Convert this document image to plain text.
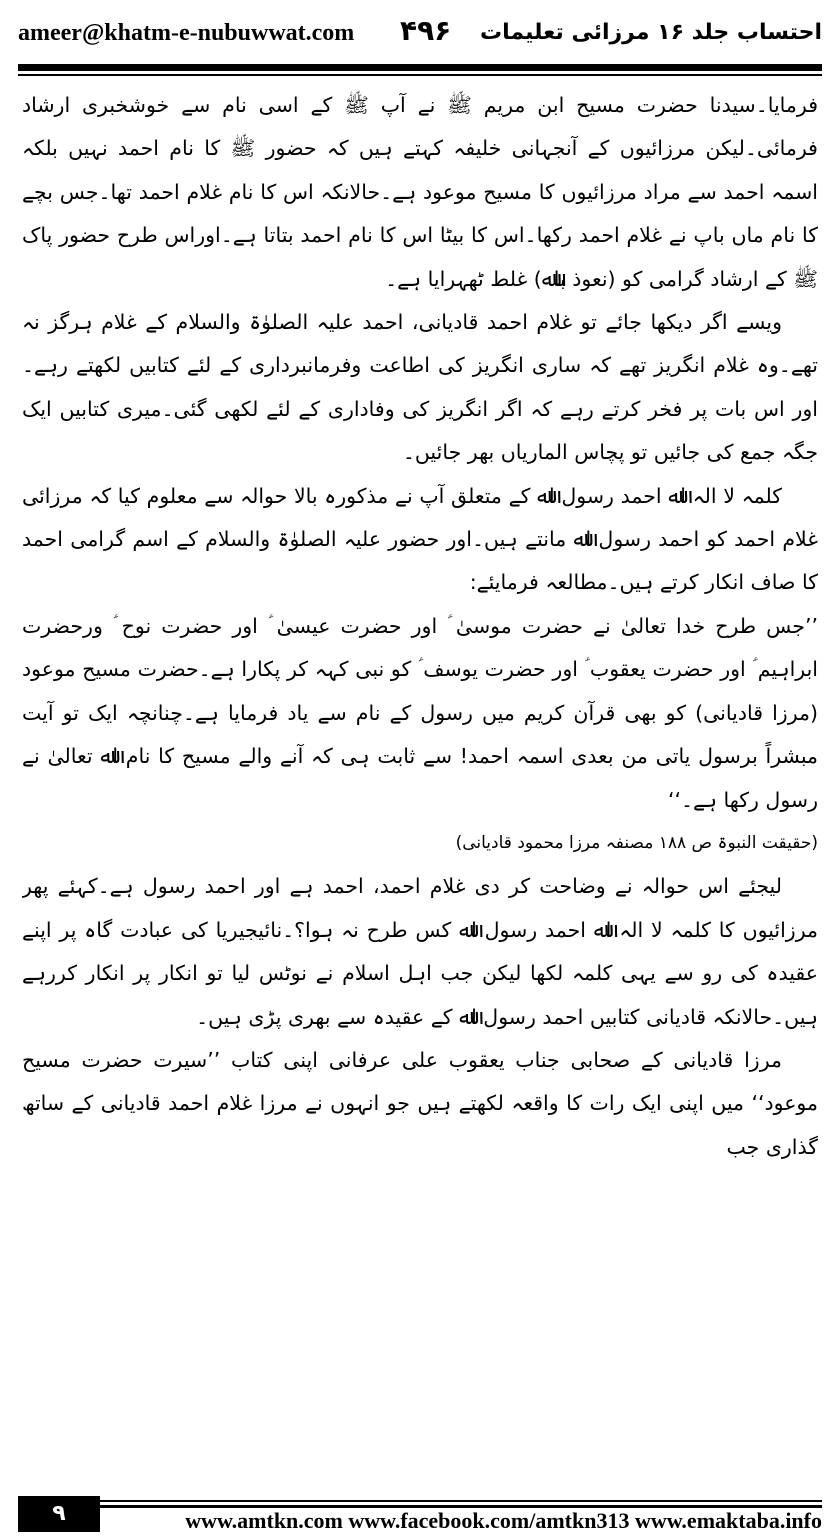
ameer@khatm-e-nubuwwat.com ۴۹۶ احتساب جلد ۱۶ مرزائی تعلیمات

فرمایا۔سیدنا حضرت مسیح ابن مریم ﷺ نے آپ ﷺ کے اسی نام سے خوشخبری ارشاد فرمائی۔لیکن مرزائیوں کے آنجہانی خلیفہ کہتے ہیں کہ حضور ﷺ کا نام احمد نہیں بلکہ اسمہ احمد سے مراد مرزائیوں کا مسیح موعود ہے۔حالانکہ اس کا نام غلام احمد تھا۔جس بچے کا نام ماں باپ نے غلام احمد رکھا۔اس کا بیٹا اس کا نام احمد بتاتا ہے۔اوراس طرح حضور پاک ﷺ کے ارشاد گرامی کو (نعوذ باﷲ) غلط ٹھہرایا ہے۔

ویسے اگر دیکھا جائے تو غلام احمد قادیانی، احمد علیہ الصلوٰۃ والسلام کے غلام ہرگز نہ تھے۔وہ غلام انگریز تھے کہ ساری انگریز کی اطاعت وفرمانبرداری کے لئے کتابیں لکھتے رہے۔اور اس بات پر فخر کرتے رہے کہ اگر انگریز کی وفاداری کے لئے لکھی گئی۔میری کتابیں ایک جگہ جمع کی جائیں تو پچاس الماریاں بھر جائیں۔

کلمہ لا الہ اﷲ احمد رسول اﷲ کے متعلق آپ نے مذکورہ بالا حوالہ سے معلوم کیا کہ مرزائی غلام احمد کو احمد رسول اﷲ مانتے ہیں۔اور حضور علیہ الصلوٰۃ والسلام کے اسم گرامی احمد کا صاف انکار کرتے ہیں۔مطالعہ فرمایئے:

’’جس طرح خدا تعالیٰ نے حضرت موسیٰ ؑ اور حضرت عیسیٰ ؑ اور حضرت نوح ؑ ورحضرت ابراہیم ؑ اور حضرت یعقوب ؑ اور حضرت یوسف ؑ کو نبی کہہ کر پکارا ہے۔حضرت مسیح موعود (مرزا قادیانی) کو بھی قرآن کریم میں رسول کے نام سے یاد فرمایا ہے۔چنانچہ ایک تو آیت مبشراً برسول یاتی من بعدی اسمہ احمد! سے ثابت ہی کہ آنے والے مسیح کا نام اﷲ تعالیٰ نے رسول رکھا ہے۔‘‘

(حقیقت النبوۃ ص ۱۸۸ مصنفہ مرزا محمود قادیانی)

لیجئے اس حوالہ نے وضاحت کر دی غلام احمد، احمد ہے اور احمد رسول ہے۔کہئے پھر مرزائیوں کا کلمہ لا الہ اﷲ احمد رسول اﷲ کس طرح نہ ہوا؟۔نائیجیریا کی عبادت گاہ پر اپنے عقیدہ کی رو سے یہی کلمہ لکھا لیکن جب اہل اسلام نے نوٹس لیا تو انکار پر انکار کررہے ہیں۔حالانکہ قادیانی کتابیں احمد رسول اﷲ کے عقیدہ سے بھری پڑی ہیں۔

مرزا قادیانی کے صحابی جناب یعقوب علی عرفانی اپنی کتاب ’’سیرت حضرت مسیح موعود‘‘ میں اپنی ایک رات کا واقعہ لکھتے ہیں جو انہوں نے مرزا غلام احمد قادیانی کے ساتھ گذاری جب

۹	www.amtkn.com www.facebook.com/amtkn313 www.emaktaba.info
